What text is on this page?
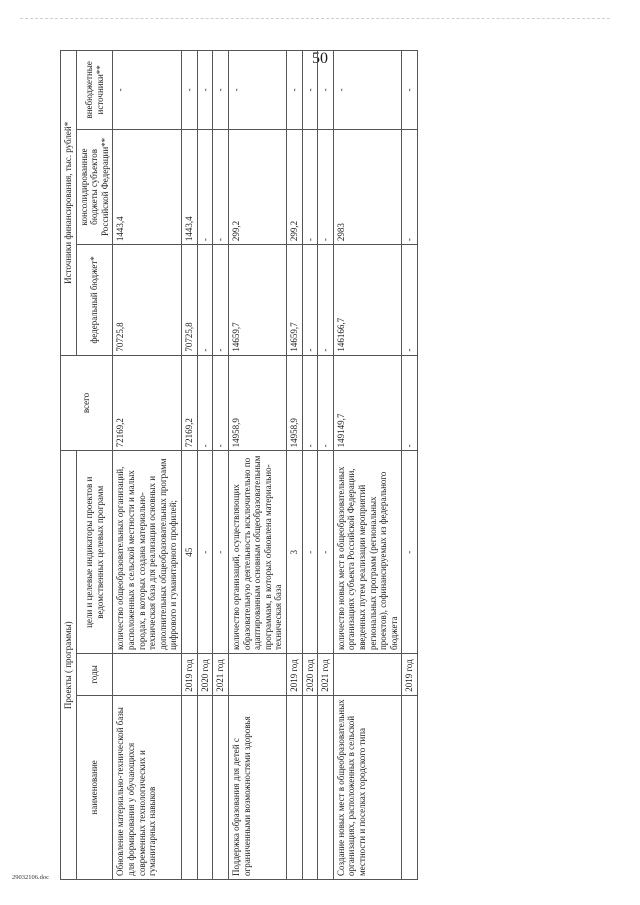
50
Проекты ( программы)			всего	Источники финансирования, тыс. рублей*		
наименование	годы	цели и целевые индикаторы проектов и ведомственных целевых программ		федеральный бюджет*	консолидированные бюджеты субъектов Российской Федерации**	внебюджетные источники**
Обновление материально-технической базы для формирования у обучающихся современных технологических и гуманитарных навыков		количество общеобразовательных организаций, расположенных в сельской местности и малых городах, в которых создана материально-техническая база для реализации основных и дополнительных общеобразовательных программ цифрового и гуманитарного профилей;	72169,2	70725,8	1443,4	-
	2019 год	45	72169,2	70725,8	1443,4	-
	2020 год	-	-	-	-	-
	2021 год	-	-	-	-	-
Поддержка образования для детей с ограниченными возможностями здоровья		количество организаций, осуществляющих образовательную деятельность исключительно по адаптированным основным общеобразовательным программам, в которых обновлена материально-техническая база	14958,9	14659,7	299,2	-
	2019 год	3	14958,9	14659,7	299,2	-
	2020 год	-	-	-	-	-
	2021 год	-	-	-	-	-
Создание новых мест в общеобразовательных организациях, расположенных в сельской местности и поселках городского типа		количество новых мест в общеобразовательных организациях субъекта Российской Федерации, введенных путем реализации мероприятий региональных программ (региональных проектов), софинансируемых из федерального бюджета	149149,7	146166,7	2983	-
	2019 год	-	-	-	-	-
29032106.doc
